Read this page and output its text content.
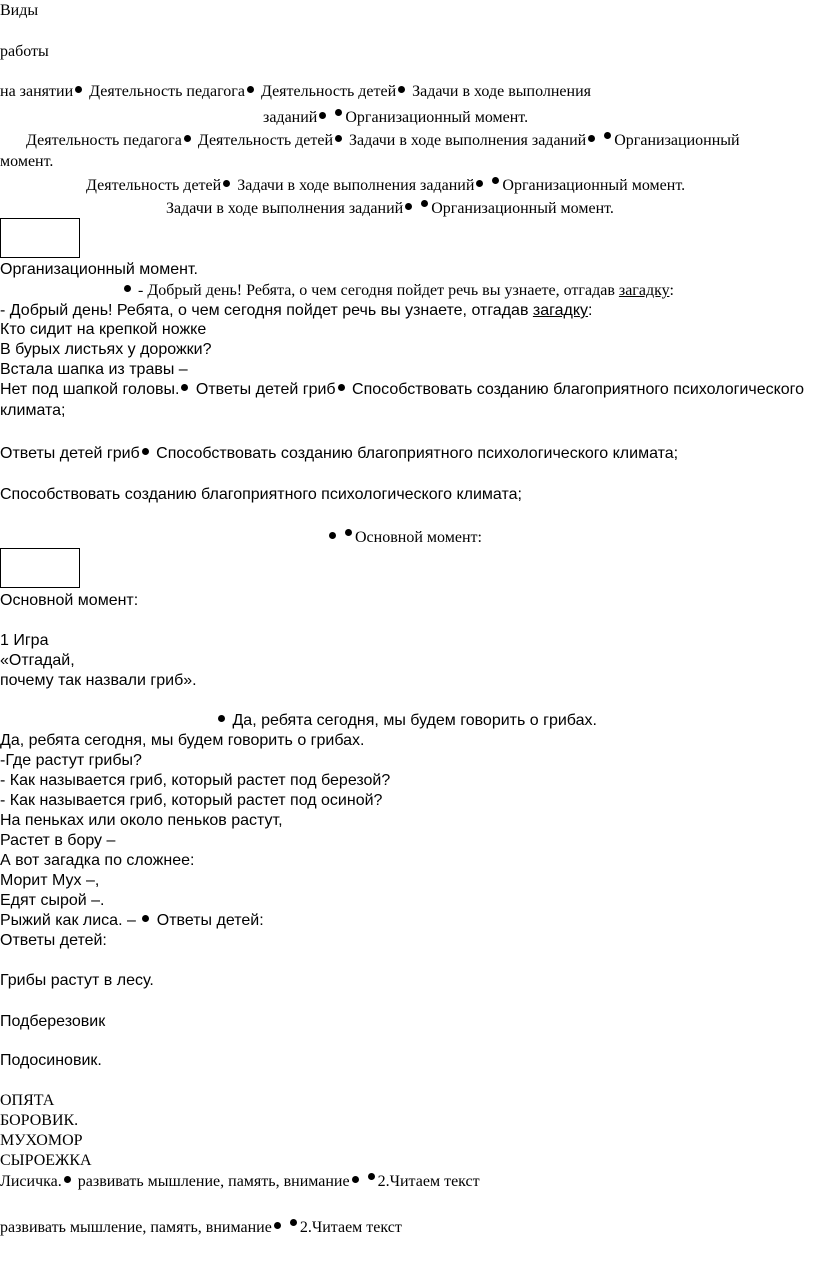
Виды
работы
на занятии Деятельность педагога Деятельность детей Задачи в ходе выполнения
заданий Организационный момент.
Деятельность педагога Деятельность детей Задачи в ходе выполнения заданий Организационный
момент.
Деятельность детей Задачи в ходе выполнения заданий Организационный момент.
Задачи в ходе выполнения заданий Организационный момент.
Организационный момент.
- Добрый день! Ребята, о чем сегодня пойдет речь вы узнаете, отгадав загадку:
- Добрый день! Ребята, о чем сегодня пойдет речь вы узнаете, отгадав загадку:
Кто сидит на крепкой ножке
В бурых листьях у дорожки?
Встала шапка из травы –
Нет под шапкой головы. Ответы детей гриб Способствовать созданию благоприятного психологического
климата;
Ответы детей гриб Способствовать созданию благоприятного психологического климата;
Способствовать созданию благоприятного психологического климата;
Основной момент:
Основной момент:
1 Игра
«Отгадай,
почему так назвали гриб».
Да, ребята сегодня, мы будем говорить о грибах.
Да, ребята сегодня, мы будем говорить о грибах.
-Где растут грибы?
- Как называется гриб, который растет под березой?
- Как называется гриб, который растет под осиной?
На пеньках или около пеньков растут,
Растет в бору –
А вот загадка по сложнее:
Морит Мух –,
Едят сырой –.
Рыжий как лиса. – Ответы детей:
Ответы детей:
Грибы растут в лесу.
Подберезовик
Подосиновик.
ОПЯТА
БОРОВИК.
МУХОМОР
СЫРОЕЖКА
Лисичка. развивать мышление, память, внимание 2.Читаем текст
развивать мышление, память, внимание 2.Читаем текст
